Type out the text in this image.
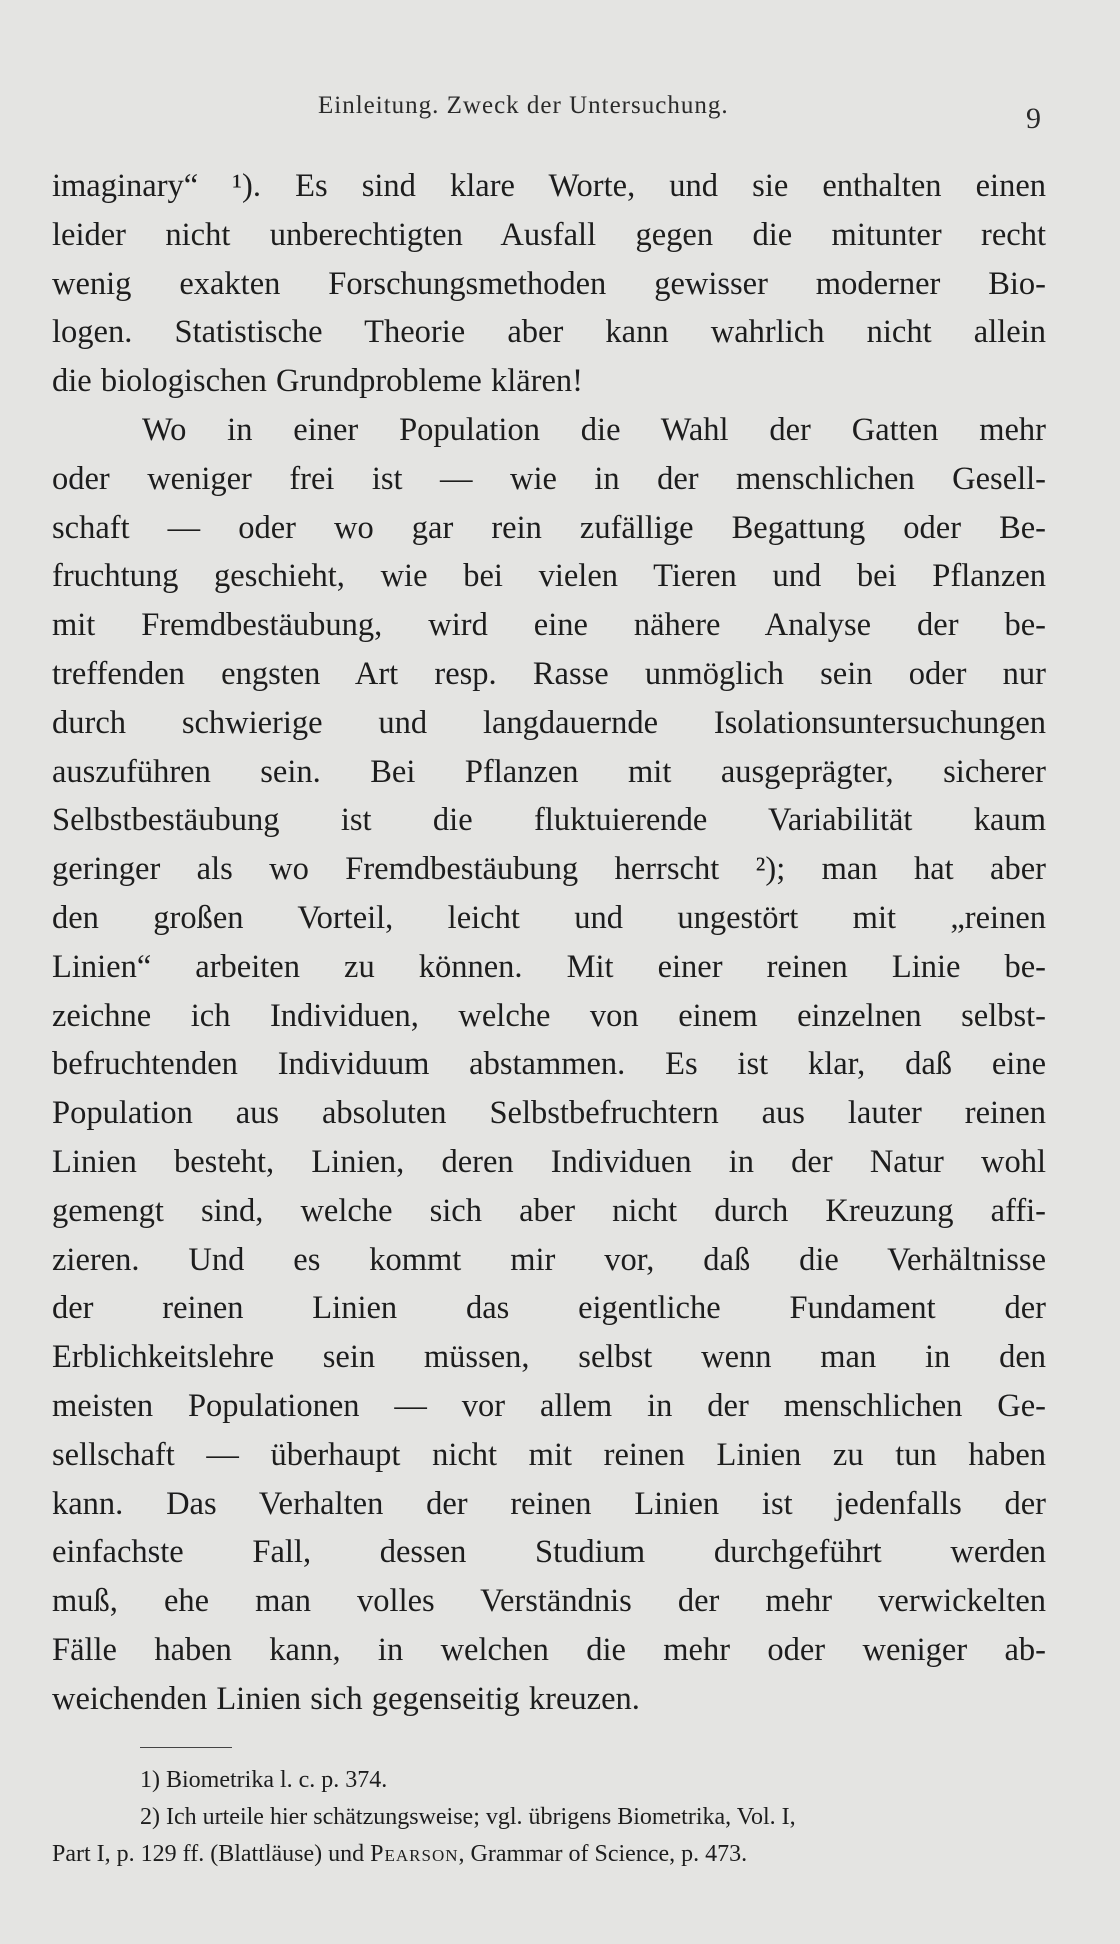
Einleitung. Zweck der Untersuchung.	9
imaginary“ ¹). Es sind klare Worte, und sie enthalten einen
leider nicht unberechtigten Ausfall gegen die mitunter recht
wenig exakten Forschungsmethoden gewisser moderner Bio-
logen. Statistische Theorie aber kann wahrlich nicht allein
die biologischen Grundprobleme klären!
Wo in einer Population die Wahl der Gatten mehr
oder weniger frei ist — wie in der menschlichen Gesell-
schaft — oder wo gar rein zufällige Begattung oder Be-
fruchtung geschieht, wie bei vielen Tieren und bei Pflanzen
mit Fremdbestäubung, wird eine nähere Analyse der be-
treffenden engsten Art resp. Rasse unmöglich sein oder nur
durch schwierige und langdauernde Isolationsuntersuchungen
auszuführen sein. Bei Pflanzen mit ausgeprägter, sicherer
Selbstbestäubung ist die fluktuierende Variabilität kaum
geringer als wo Fremdbestäubung herrscht ²); man hat aber
den großen Vorteil, leicht und ungestört mit „reinen
Linien“ arbeiten zu können. Mit einer reinen Linie be-
zeichne ich Individuen, welche von einem einzelnen selbst-
befruchtenden Individuum abstammen. Es ist klar, daß eine
Population aus absoluten Selbstbefruchtern aus lauter reinen
Linien besteht, Linien, deren Individuen in der Natur wohl
gemengt sind, welche sich aber nicht durch Kreuzung affi-
zieren. Und es kommt mir vor, daß die Verhältnisse
der reinen Linien das eigentliche Fundament der
Erblichkeitslehre sein müssen, selbst wenn man in den
meisten Populationen — vor allem in der menschlichen Ge-
sellschaft — überhaupt nicht mit reinen Linien zu tun haben
kann. Das Verhalten der reinen Linien ist jedenfalls der
einfachste Fall, dessen Studium durchgeführt werden
muß, ehe man volles Verständnis der mehr verwickelten
Fälle haben kann, in welchen die mehr oder weniger ab-
weichenden Linien sich gegenseitig kreuzen.
1) Biometrika l. c. p. 374.
2) Ich urteile hier schätzungsweise; vgl. übrigens Biometrika, Vol. I,
Part I, p. 129 ff. (Blattläuse) und Pearson, Grammar of Science, p. 473.
